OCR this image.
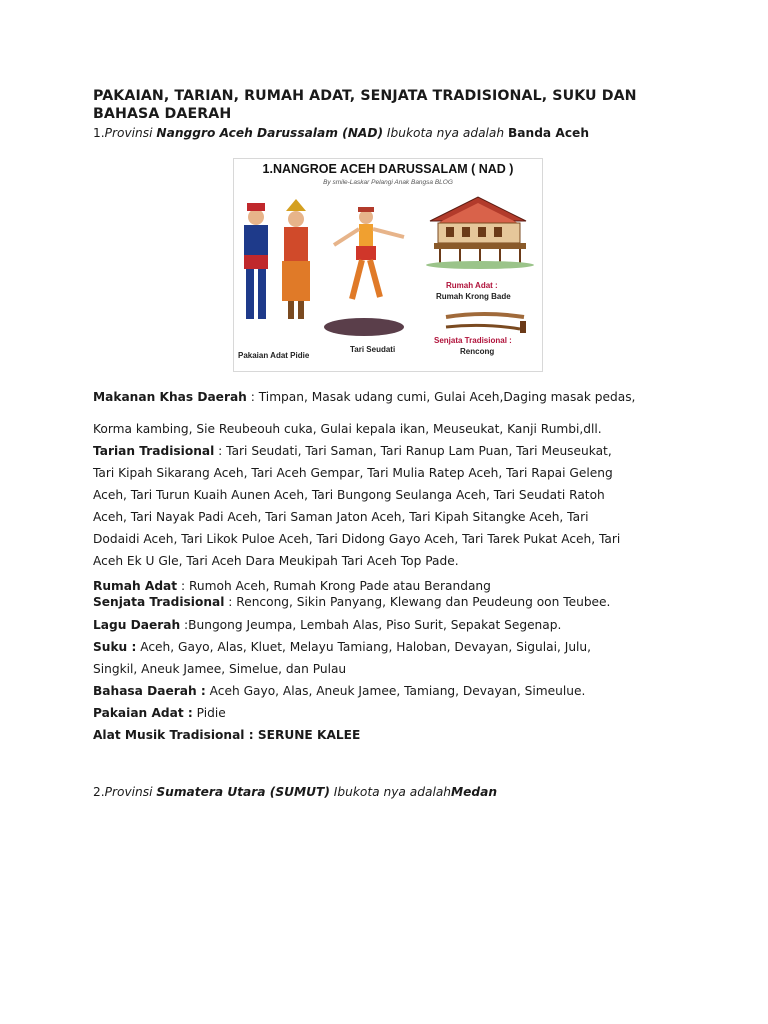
PAKAIAN, TARIAN, RUMAH ADAT, SENJATA TRADISIONAL, SUKU DAN
BAHASA DAERAH

1.Provinsi Nanggro Aceh Darussalam (NAD) Ibukota nya adalah Banda Aceh

1.NANGROE ACEH DARUSSALAM ( NAD )
By smile-Laskar Pelangi Anak Bangsa BLOG
Rumah Adat :
Rumah Krong Bade
Senjata Tradisional :
Rencong
Pakaian Adat Pidie
Tari Seudati

Makanan Khas Daerah : Timpan, Masak udang cumi, Gulai Aceh,Daging masak pedas,

Korma kambing, Sie Reubeouh cuka, Gulai kepala ikan, Meuseukat, Kanji Rumbi,dll.

Tarian Tradisional : Tari Seudati, Tari Saman, Tari Ranup Lam Puan, Tari Meuseukat,

Tari Kipah Sikarang Aceh, Tari Aceh Gempar, Tari Mulia Ratep Aceh, Tari Rapai Geleng

Aceh, Tari Turun Kuaih Aunen Aceh, Tari Bungong Seulanga Aceh, Tari Seudati Ratoh

Aceh, Tari Nayak Padi Aceh, Tari Saman Jaton Aceh, Tari Kipah Sitangke Aceh, Tari

Dodaidi Aceh, Tari Likok Puloe Aceh, Tari Didong Gayo Aceh, Tari Tarek Pukat Aceh, Tari

Aceh Ek U Gle, Tari Aceh Dara Meukipah Tari Aceh Top Pade.

Rumah Adat : Rumoh Aceh, Rumah Krong Pade atau Berandang

Senjata Tradisional : Rencong, Sikin Panyang, Klewang dan Peudeung oon Teubee.

Lagu Daerah :Bungong Jeumpa, Lembah Alas, Piso Surit, Sepakat Segenap.

Suku : Aceh, Gayo, Alas, Kluet, Melayu Tamiang, Haloban, Devayan, Sigulai, Julu,

Singkil, Aneuk Jamee, Simelue, dan Pulau

Bahasa Daerah : Aceh Gayo, Alas, Aneuk Jamee, Tamiang, Devayan, Simeulue.

Pakaian Adat : Pidie

Alat Musik Tradisional : SERUNE KALEE

2.Provinsi Sumatera Utara (SUMUT) Ibukota nya adalahMedan
